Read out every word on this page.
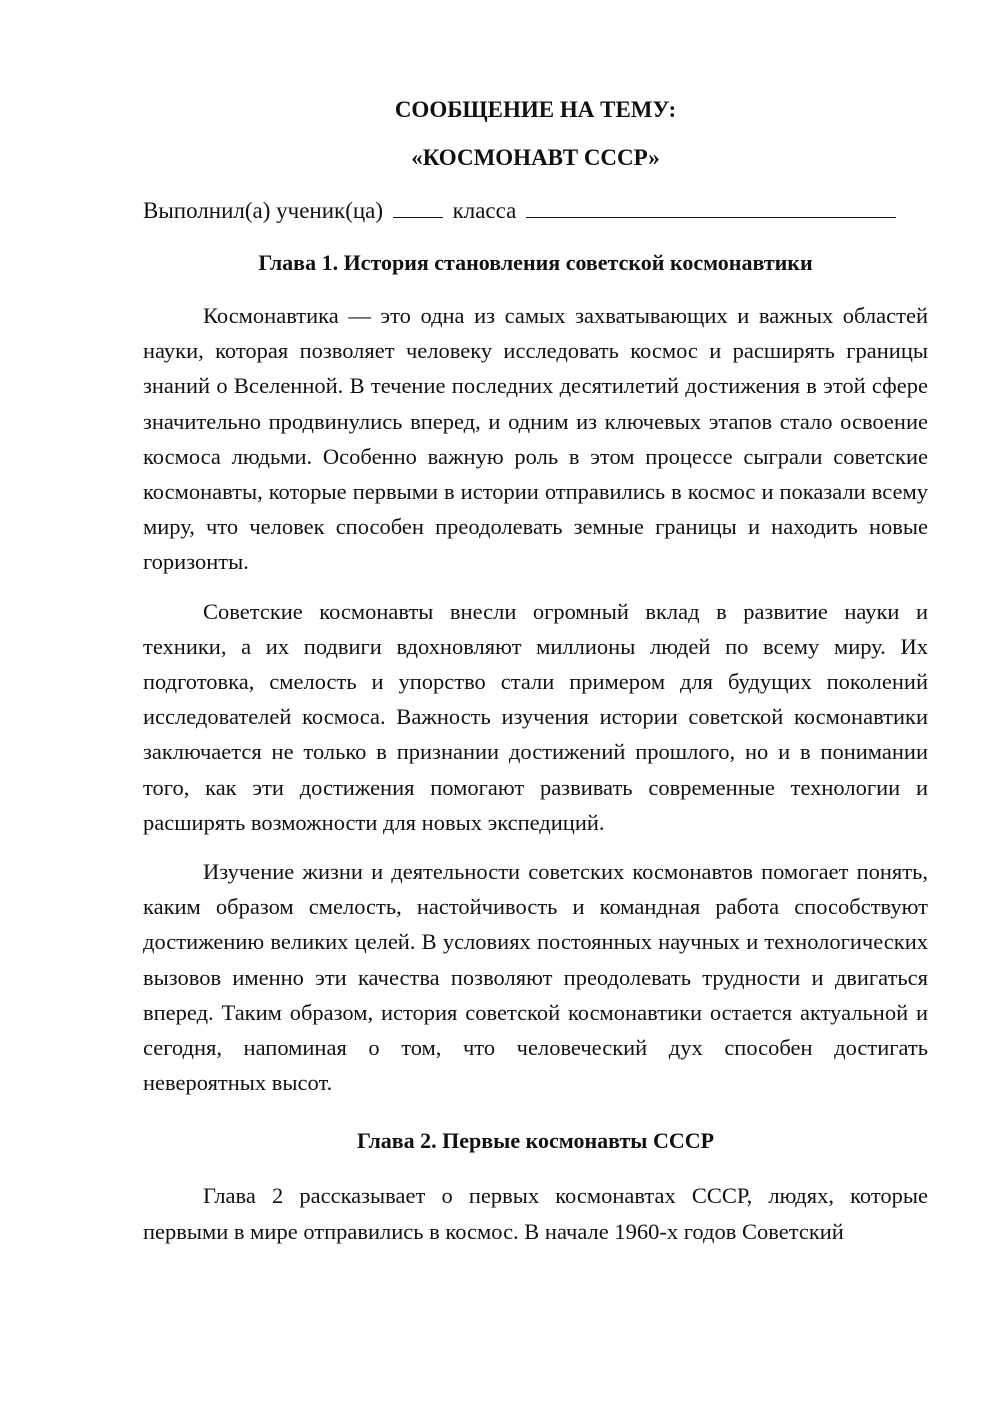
СООБЩЕНИЕ НА ТЕМУ:
«КОСМОНАВТ СССР»
Выполнил(а) ученик(ца)	класса
Глава 1. История становления советской космонавтики

Космонавтика — это одна из самых захватывающих и важных областей науки, которая позволяет человеку исследовать космос и расширять границы знаний о Вселенной. В течение последних десятилетий достижения в этой сфере значительно продвинулись вперед, и одним из ключевых этапов стало освоение космоса людьми. Особенно важную роль в этом процессе сыграли советские космонавты, которые первыми в истории отправились в космос и показали всему миру, что человек способен преодолевать земные границы и находить новые горизонты.

Советские космонавты внесли огромный вклад в развитие науки и техники, а их подвиги вдохновляют миллионы людей по всему миру. Их подготовка, смелость и упорство стали примером для будущих поколений исследователей космоса. Важность изучения истории советской космонавтики заключается не только в признании достижений прошлого, но и в понимании того, как эти достижения помогают развивать современные технологии и расширять возможности для новых экспедиций.

Изучение жизни и деятельности советских космонавтов помогает понять, каким образом смелость, настойчивость и командная работа способствуют достижению великих целей. В условиях постоянных научных и технологических вызовов именно эти качества позволяют преодолевать трудности и двигаться вперед. Таким образом, история советской космонавтики остается актуальной и сегодня, напоминая о том, что человеческий дух способен достигать невероятных высот.

Глава 2. Первые космонавты СССР

Глава 2 рассказывает о первых космонавтах СССР, людях, которые первыми в мире отправились в космос. В начале 1960-х годов Советский
